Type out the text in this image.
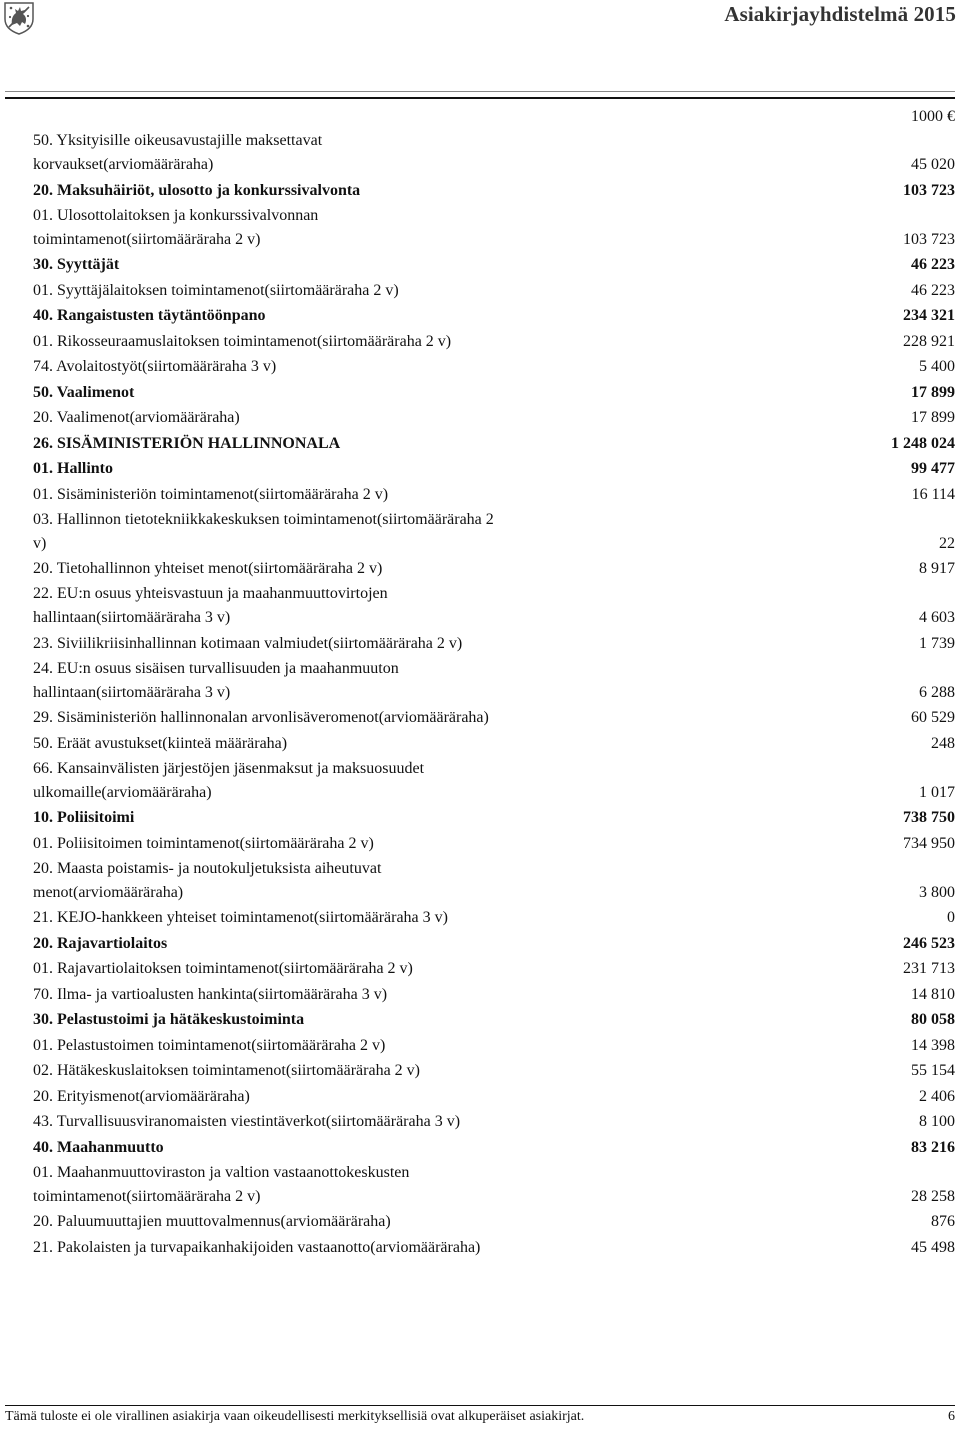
Asiakirjayhdistelmä 2015
1000 €
50. Yksityisille oikeusavustajille maksettavat korvaukset(arviomääräraha)	45 020
20. Maksuhäiriöt, ulosotto ja konkurssivalvonta	103 723
01. Ulosottolaitoksen ja konkurssivalvonnan toimintamenot(siirtomääräraha 2 v)	103 723
30. Syyttäjät	46 223
01. Syyttäjälaitoksen toimintamenot(siirtomääräraha 2 v)	46 223
40. Rangaistusten täytäntöönpano	234 321
01. Rikosseuraamuslaitoksen toimintamenot(siirtomääräraha 2 v)	228 921
74. Avolaitostyöt(siirtomääräraha 3 v)	5 400
50. Vaalimenot	17 899
20. Vaalimenot(arviomääräraha)	17 899
26. SISÄMINISTERIÖN HALLINNONALA	1 248 024
01. Hallinto	99 477
01. Sisäministeriön toimintamenot(siirtomääräraha 2 v)	16 114
03. Hallinnon tietotekniikkakeskuksen toimintamenot(siirtomääräraha 2 v)	22
20. Tietohallinnon yhteiset menot(siirtomääräraha 2 v)	8 917
22. EU:n osuus yhteisvastuun ja maahanmuuttovirtojen hallintaan(siirtomääräraha 3 v)	4 603
23. Siviilikriisinhallinnan kotimaan valmiudet(siirtomääräraha 2 v)	1 739
24. EU:n osuus sisäisen turvallisuuden ja maahanmuuton hallintaan(siirtomääräraha 3 v)	6 288
29. Sisäministeriön hallinnonalan arvonlisäveromenot(arviomääräraha)	60 529
50. Eräät avustukset(kiinteä määräraha)	248
66. Kansainvälisten järjestöjen jäsenmaksut ja maksuosuudet ulkomaille(arviomääräraha)	1 017
10. Poliisitoimi	738 750
01. Poliisitoimen toimintamenot(siirtomääräraha 2 v)	734 950
20. Maasta poistamis- ja noutokuljetuksista aiheutuvat menot(arviomääräraha)	3 800
21. KEJO-hankkeen yhteiset toimintamenot(siirtomääräraha 3 v)	0
20. Rajavartiolaitos	246 523
01. Rajavartiolaitoksen toimintamenot(siirtomääräraha 2 v)	231 713
70. Ilma- ja vartioalusten hankinta(siirtomääräraha 3 v)	14 810
30. Pelastustoimi ja hätäkeskustoiminta	80 058
01. Pelastustoimen toimintamenot(siirtomääräraha 2 v)	14 398
02. Hätäkeskuslaitoksen toimintamenot(siirtomääräraha 2 v)	55 154
20. Erityismenot(arviomääräraha)	2 406
43. Turvallisuusviranomaisten viestintäverkot(siirtomääräraha 3 v)	8 100
40. Maahanmuutto	83 216
01. Maahanmuuttoviraston ja valtion vastaanottokeskusten toimintamenot(siirtomääräraha 2 v)	28 258
20. Paluumuuttajien muuttovalmennus(arviomääräraha)	876
21. Pakolaisten ja turvapaikanhakijoiden vastaanotto(arviomääräraha)	45 498
Tämä tuloste ei ole virallinen asiakirja vaan oikeudellisesti merkityksellisiä ovat alkuperäiset asiakirjat.	6
